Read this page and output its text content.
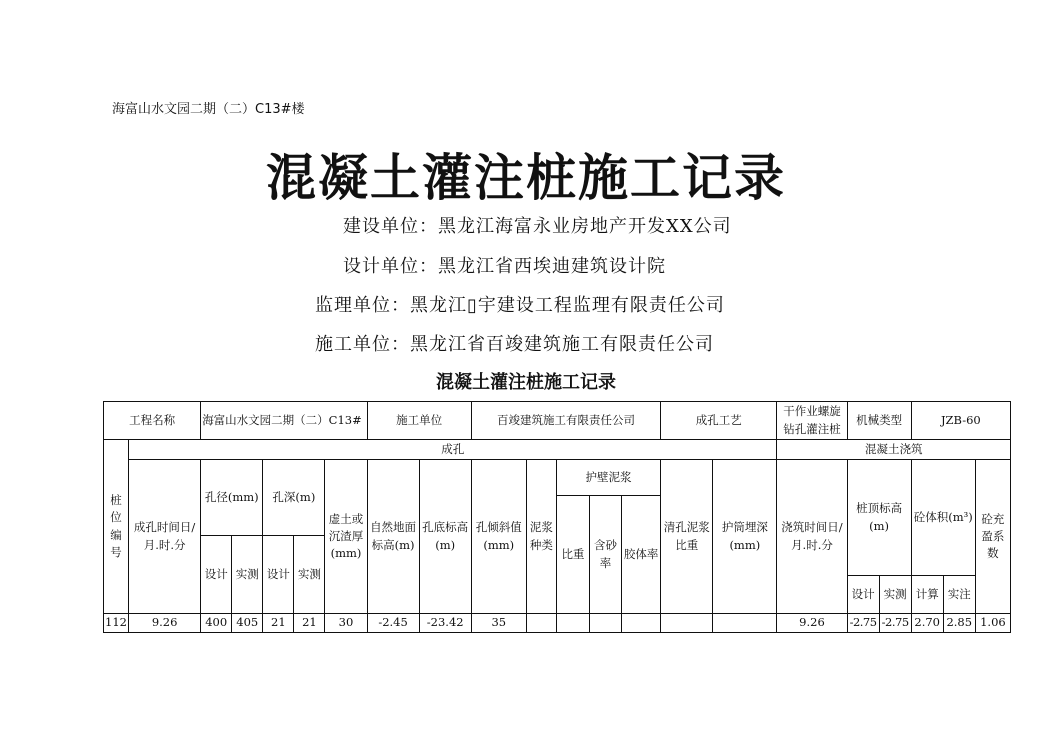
海富山水文园二期（二）C13#楼
混凝土灌注桩施工记录
建设单位：黑龙江海富永业房地产开发XX公司
设计单位：黑龙江省西埃迪建筑设计院
监理单位：黑龙江▯宇建设工程监理有限责任公司
施工单位：黑龙江省百竣建筑施工有限责任公司
混凝土灌注桩施工记录
工程名称		海富山水文园二期（二）C13#					施工单位		百竣建筑施工有限责任公司					成孔工艺		干作业螺旋钻孔灌注桩	机械类型		JZB-60		
桩位编号	成孔															混凝土浇筑					
	成孔时间日/月.时.分	孔径(mm)		孔深(m)		虚土或沉渣厚(mm)	自然地面标高(m)	孔底标高(m)	孔倾斜值(mm)	泥浆种类	护壁泥浆			清孔泥浆比重	护筒埋深(mm)	浇筑时间日/月.时.分	桩顶标高(m)		砼体积(m³)		砼充盈系数
											比重	含砂率	胶体率								
		设计	实测	设计	实测																
																	设计	实测	计算	实注	
112	9.26	400	405	21	21	30	-2.45	-23.42	35							9.26	-2.75	-2.75	2.70	2.85	1.06
